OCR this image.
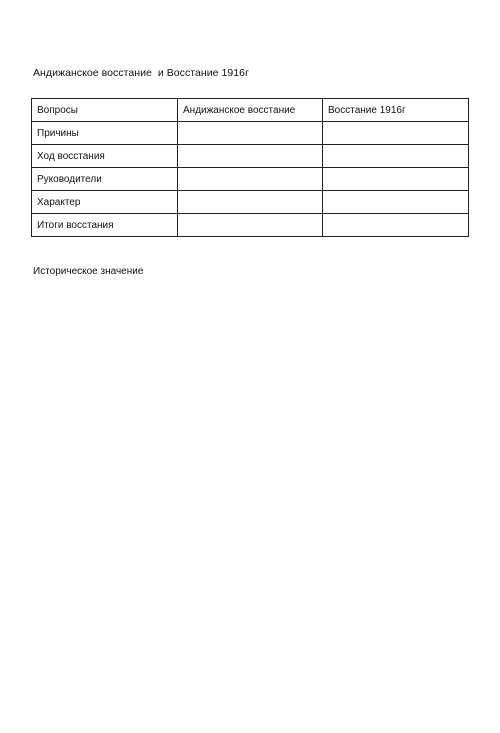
Андижанское восстание  и Восстание 1916г
Вопросы	Андижанское восстание	Восстание 1916г
Причины		
Ход восстания		
Руководители		
Характер		
Итоги восстания		
Историческое значение
